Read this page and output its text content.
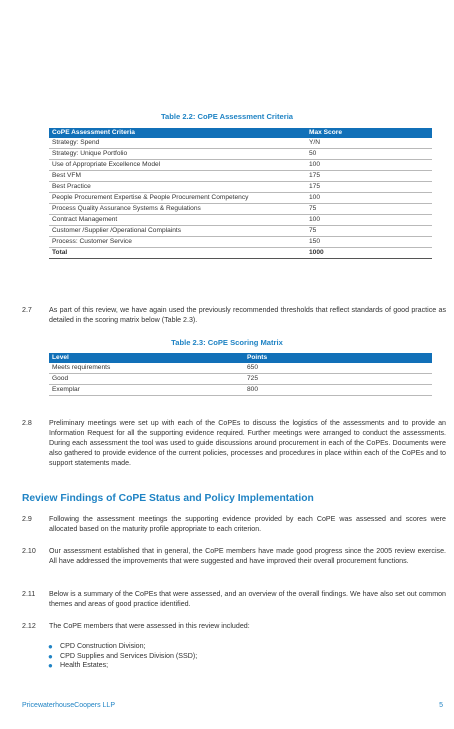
Table 2.2: CoPE Assessment Criteria
CoPE Assessment Criteria	Max Score
Strategy: Spend	Y/N
Strategy: Unique Portfolio	50
Use of Appropriate Excellence Model	100
Best VFM	175
Best Practice	175
People Procurement Expertise & People Procurement Competency	100
Process Quality Assurance Systems & Regulations	75
Contract Management	100
Customer /Supplier /Operational Complaints	75
Process: Customer Service	150
Total	1000
2.7	As part of this review, we have again used the previously recommended thresholds that reflect standards of good practice as detailed in the scoring matrix below (Table 2.3).
Table 2.3: CoPE Scoring Matrix
Level	Points
Meets requirements	650
Good	725
Exemplar	800
2.8	Preliminary meetings were set up with each of the CoPEs to discuss the logistics of the assessments and to provide an Information Request for all the supporting evidence required. Further meetings were arranged to conduct the assessments. During each assessment the tool was used to guide discussions around procurement in each of the CoPEs. Documents were also gathered to provide evidence of the current policies, processes and procedures in place within each of the CoPEs and to support statements made.
Review Findings of CoPE Status and Policy Implementation
2.9	Following the assessment meetings the supporting evidence provided by each CoPE was assessed and scores were allocated based on the maturity profile appropriate to each criterion.
2.10	Our assessment established that in general, the CoPE members have made good progress since the 2005 review exercise. All have addressed the improvements that were suggested and have improved their overall procurement functions.
2.11	Below is a summary of the CoPEs that were assessed, and an overview of the overall findings. We have also set out common themes and areas of good practice identified.
2.12	The CoPE members that were assessed in this review included:
● CPD Construction Division;
● CPD Supplies and Services Division (SSD);
● Health Estates;
PricewaterhouseCoopers LLP	5
